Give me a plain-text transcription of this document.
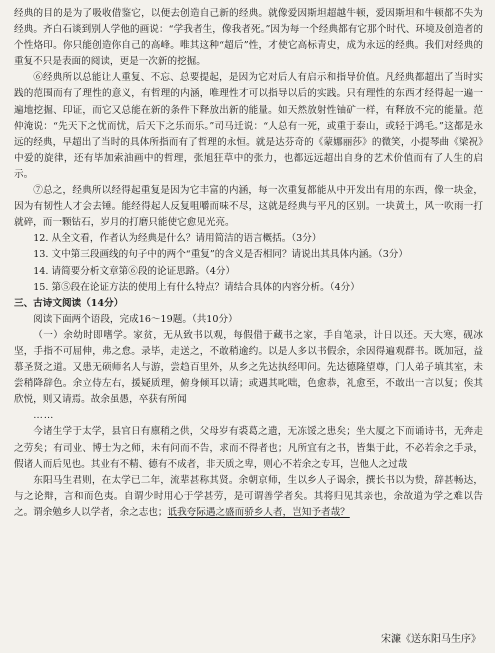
经典的目的是为了吸收借鉴它，以便去创造自己新的经典。就像爱因斯坦超越牛顿，爱因斯坦和牛顿都不失为经典。齐白石谈到别人学他的画说：“学我者生，像我者死。”因为每一个经典都有它那个时代、环境及创造者的个性烙印。你只能创造你自己的高峰。唯其这种“超后”性，才使它高标青史，成为永远的经典。我们对经典的重复不只是表面的阅读，更是一次新的挖掘。

⑥经典所以总能让人重复、不忘、总要提起，是因为它对后人有启示和指导价值。凡经典都超出了当时实践的范围而有了理性的意义，有哲理的内涵，唯理性才可以指导以后的实践。只有理性的东西才经得起一遍一遍地挖掘、印证，而它又总能在新的条件下释放出新的能量。如天然放射性铀矿一样，有释放不完的能量。范仲淹说：“先天下之忧而忧，后天下之乐而乐。”司马迁说：“人总有一死，或重于泰山，或轻于鸿毛。”这都是永远的经典，早超出了当时的具体所指而有了哲理的永恒。就是达芬奇的《蒙娜丽莎》的微笑，小提琴曲《梁祝》中爱的旋律，还有毕加索油画中的哲理，张旭狂草中的张力，也都远远超出自身的艺术价值而有了人生的启示。

⑦总之，经典所以经得起重复是因为它丰富的内涵，每一次重复都能从中开发出有用的东西，像一块金，因为有韧性人才会去锤。能经得起人反复咀嚼而味不尽，这就是经典与平凡的区别。一块黄土，风一吹雨一打就碎，而一颗钻石，岁月的打磨只能使它愈见光亮。

12. 从全文看，作者认为经典是什么？请用简洁的语言概括。（3分）

13. 文中第三段画线的句子中的两个“重复”的含义是否相同？请说出其具体内涵。（3分）

14. 请简要分析文章第⑥段的论证思路。（4分）

15. 第⑤段在论证方法的使用上有什么特点？请结合具体的内容分析。（4分）

三、古诗文阅读（14分）

阅读下面两个语段，完成16～19题。（共10分）

（一）余幼时即嗜学。家贫，无从致书以观，每假借于藏书之家，手自笔录，计日以还。天大寒，砚冰坚，手指不可屈伸，弗之怠。录毕，走送之，不敢稍逾约。以是人多以书假余，余因得遍观群书。既加冠，益慕圣贤之道。又患无硕师名人与游，尝趋百里外，从乡之先达执经叩问。先达德隆望尊，门人弟子填其室，未尝稍降辞色。余立侍左右，援疑质理，俯身倾耳以请；或遇其叱咄，色愈恭，礼愈至，不敢出一言以复；俟其欣悦，则又请焉。故余虽愚，卒获有所闻

……

今诸生学于太学，县官日有廪稍之供，父母岁有裘葛之遗，无冻馁之患矣；坐大厦之下而诵诗书，无奔走之劳矣；有司业、博士为之师，未有问而不告，求而不得者也；凡所宜有之书，皆集于此，不必若余之手录，假诸人而后见也。其业有不精、德有不成者，非天质之卑，则心不若余之专耳，岂他人之过哉

东阳马生君则，在太学已二年，流辈甚称其贤。余朝京师，生以乡人子谒余，撰长书以为贽，辞甚畅达，与之论辩，言和而色夷。自谓少时用心于学甚劳，是可谓善学者矣。其将归见其亲也，余故道为学之难以告之。谓余勉乡人以学者，余之志也；诋我夸际遇之盛而骄乡人者，岂知予者哉？

宋濂《送东阳马生序》
